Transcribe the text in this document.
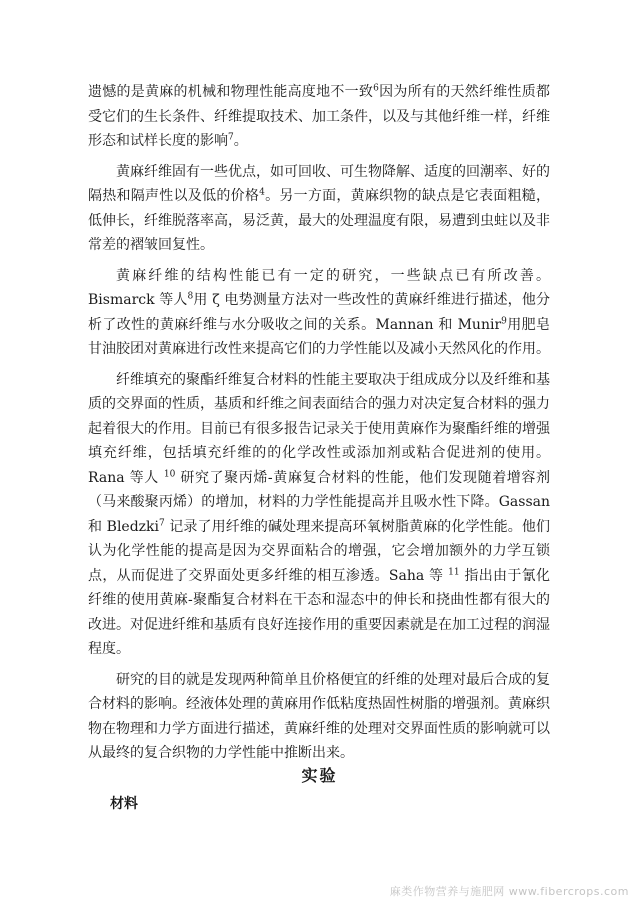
遗憾的是黄麻的机械和物理性能高度地不一致$^6$因为所有的天然纤维性质都受它们的生长条件、纤维提取技术、加工条件，以及与其他纤维一样，纤维形态和试样长度的影响$^7$。

黄麻纤维固有一些优点，如可回收、可生物降解、适度的回潮率、好的隔热和隔声性以及低的价格$^4$。另一方面，黄麻织物的缺点是它表面粗糙，低伸长，纤维脱落率高，易泛黄，最大的处理温度有限，易遭到虫蛀以及非常差的褶皱回复性。

黄麻纤维的结构性能已有一定的研究，一些缺点已有所改善。Bismarck 等人$^8$用 ζ 电势测量方法对一些改性的黄麻纤维进行描述，他分析了改性的黄麻纤维与水分吸收之间的关系。Mannan 和 Munir$^9$用肥皂甘油胶团对黄麻进行改性来提高它们的力学性能以及减小天然风化的作用。

纤维填充的聚酯纤维复合材料的性能主要取决于组成成分以及纤维和基质的交界面的性质，基质和纤维之间表面结合的强力对决定复合材料的强力起着很大的作用。目前已有很多报告记录关于使用黄麻作为聚酯纤维的增强填充纤维，包括填充纤维的的化学改性或添加剂或粘合促进剂的使用。Rana 等人 $^{10}$ 研究了聚丙烯-黄麻复合材料的性能，他们发现随着增容剂（马来酸聚丙烯）的增加，材料的力学性能提高并且吸水性下降。Gassan 和 Bledzki$^7$ 记录了用纤维的碱处理来提高环氧树脂黄麻的化学性能。他们认为化学性能的提高是因为交界面粘合的增强，它会增加额外的力学互锁点，从而促进了交界面处更多纤维的相互渗透。Saha 等 $^{11}$ 指出由于氰化纤维的使用黄麻-聚酯复合材料在干态和湿态中的伸长和挠曲性都有很大的改进。对促进纤维和基质有良好连接作用的重要因素就是在加工过程的润湿程度。

研究的目的就是发现两种简单且价格便宜的纤维的处理对最后合成的复合材料的影响。经液体处理的黄麻用作低粘度热固性树脂的增强剂。黄麻织物在物理和力学方面进行描述，黄麻纤维的处理对交界面性质的影响就可以从最终的复合织物的力学性能中推断出来。

实验
材料
麻类作物营养与施肥网 www.fibercrops.com
